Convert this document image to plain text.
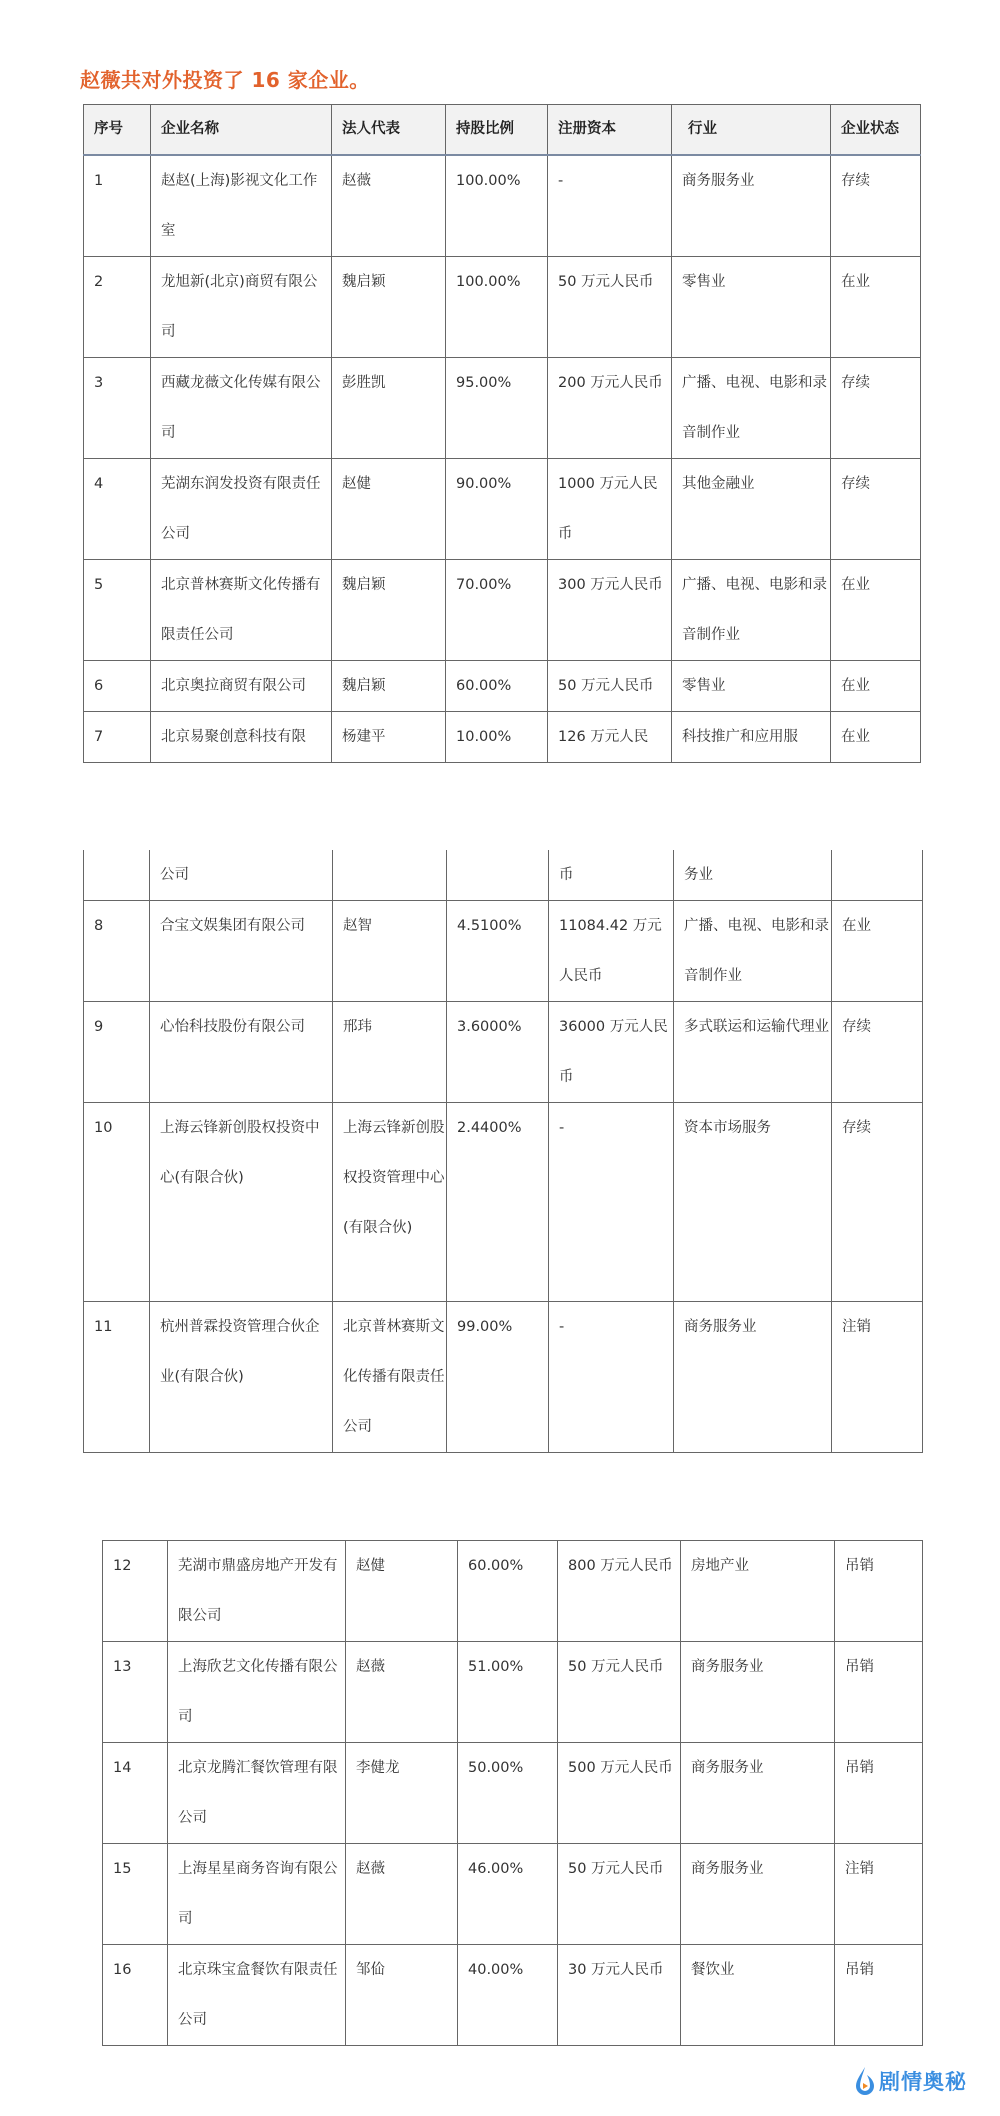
赵薇共对外投资了 16 家企业。
序号	企业名称	法人代表	持股比例	注册资本	行业	企业状态
1	赵赵(上海)影视文化工作室	赵薇	100.00%	-	商务服务业	存续
2	龙旭新(北京)商贸有限公司	魏启颖	100.00%	50 万元人民币	零售业	在业
3	西藏龙薇文化传媒有限公司	彭胜凯	95.00%	200 万元人民币	广播、电视、电影和录音制作业	存续
4	芜湖东润发投资有限责任公司	赵健	90.00%	1000 万元人民币	其他金融业	存续
5	北京普林赛斯文化传播有限责任公司	魏启颖	70.00%	300 万元人民币	广播、电视、电影和录音制作业	在业
6	北京奥拉商贸有限公司	魏启颖	60.00%	50 万元人民币	零售业	在业
7	北京易聚创意科技有限	杨建平	10.00%	126 万元人民	科技推广和应用服	在业
	公司			币	务业	
8	合宝文娱集团有限公司	赵智	4.5100%	11084.42 万元人民币	广播、电视、电影和录音制作业	在业
9	心怡科技股份有限公司	邢玮	3.6000%	36000 万元人民币	多式联运和运输代理业	存续
10	上海云锋新创股权投资中心(有限合伙)	上海云锋新创股权投资管理中心(有限合伙)	2.4400%	-	资本市场服务	存续
11	杭州普霖投资管理合伙企业(有限合伙)	北京普林赛斯文化传播有限责任公司	99.00%	-	商务服务业	注销
12	芜湖市鼎盛房地产开发有限公司	赵健	60.00%	800 万元人民币	房地产业	吊销
13	上海欣艺文化传播有限公司	赵薇	51.00%	50 万元人民币	商务服务业	吊销
14	北京龙腾汇餐饮管理有限公司	李健龙	50.00%	500 万元人民币	商务服务业	吊销
15	上海星星商务咨询有限公司	赵薇	46.00%	50 万元人民币	商务服务业	注销
16	北京珠宝盒餐饮有限责任公司	邹佡	40.00%	30 万元人民币	餐饮业	吊销
剧情奥秘
